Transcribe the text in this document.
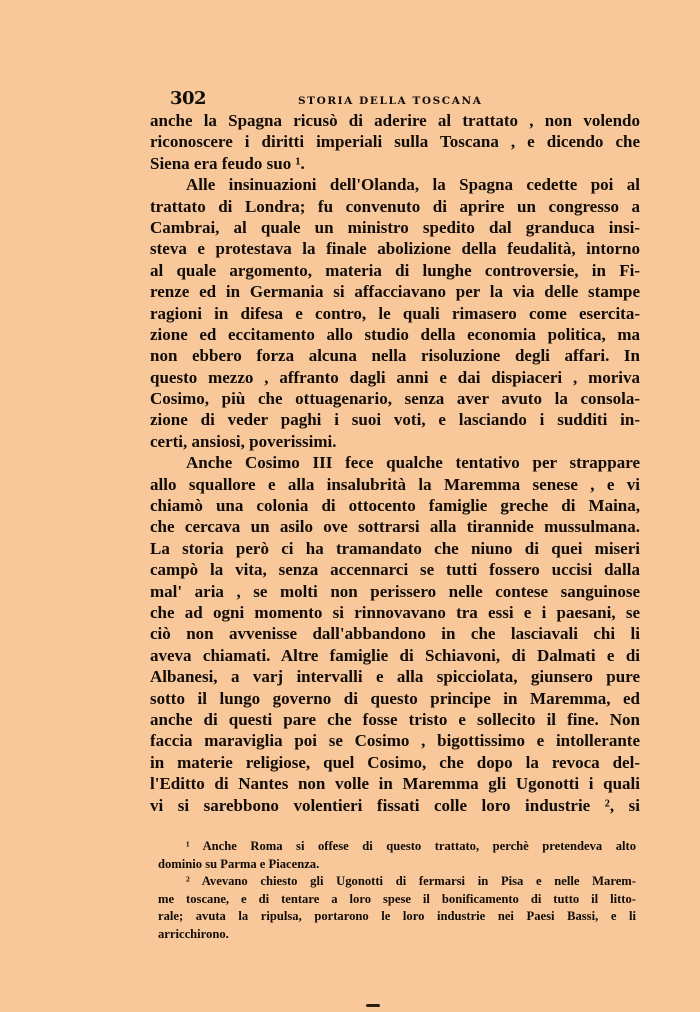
302	STORIA DELLA TOSCANA
anche la Spagna ricusò di aderire al trattato , non volendo
riconoscere i diritti imperiali sulla Toscana , e dicendo che
Siena era feudo suo ¹.
Alle insinuazioni dell'Olanda, la Spagna cedette poi al
trattato di Londra; fu convenuto di aprire un congresso a
Cambrai, al quale un ministro spedito dal granduca insi-
steva e protestava la finale abolizione della feudalità, intorno
al quale argomento, materia di lunghe controversie, in Fi-
renze ed in Germania si affacciavano per la via delle stampe
ragioni in difesa e contro, le quali rimasero come esercita-
zione ed eccitamento allo studio della economia politica, ma
non ebbero forza alcuna nella risoluzione degli affari. In
questo mezzo , affranto dagli anni e dai dispiaceri , moriva
Cosimo, più che ottuagenario, senza aver avuto la consola-
zione di veder paghi i suoi voti, e lasciando i sudditi in-
certi, ansiosi, poverissimi.
Anche Cosimo III fece qualche tentativo per strappare
allo squallore e alla insalubrità la Maremma senese , e vi
chiamò una colonia di ottocento famiglie greche di Maina,
che cercava un asilo ove sottrarsi alla tirannide mussulmana.
La storia però ci ha tramandato che niuno di quei miseri
campò la vita, senza accennarci se tutti fossero uccisi dalla
mal' aria , se molti non perissero nelle contese sanguinose
che ad ogni momento si rinnovavano tra essi e i paesani, se
ciò non avvenisse dall'abbandono in che lasciavali chi li
aveva chiamati. Altre famiglie di Schiavoni, di Dalmati e di
Albanesi, a varj intervalli e alla spicciolata, giunsero pure
sotto il lungo governo di questo principe in Maremma, ed
anche di questi pare che fosse tristo e sollecito il fine. Non
faccia maraviglia poi se Cosimo , bigottissimo e intollerante
in materie religiose, quel Cosimo, che dopo la revoca del-
l'Editto di Nantes non volle in Maremma gli Ugonotti i quali
vi si sarebbono volentieri fissati colle loro industrie ², si
¹ Anche Roma si offese di questo trattato, perchè pretendeva alto
dominio su Parma e Piacenza.
² Avevano chiesto gli Ugonotti di fermarsi in Pisa e nelle Marem-
me toscane, e di tentare a loro spese il bonificamento di tutto il litto-
rale; avuta la ripulsa, portarono le loro industrie nei Paesi Bassi, e li
arricchirono.
